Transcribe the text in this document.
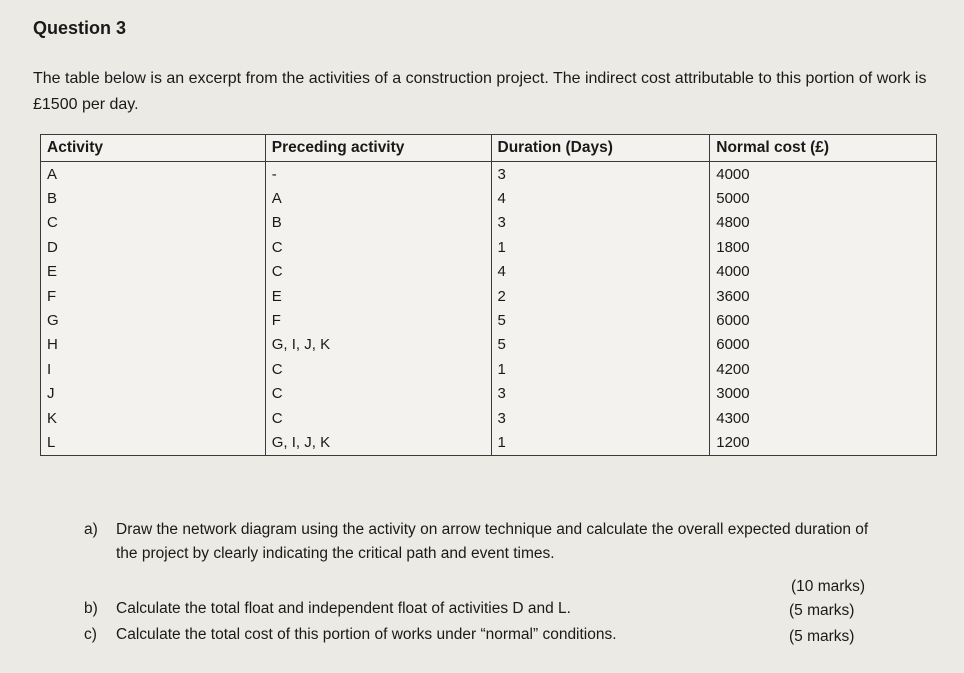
Question 3
The table below is an excerpt from the activities of a construction project. The indirect cost attributable to this portion of work is £1500 per day.
Activity	Preceding activity	Duration (Days)	Normal cost (£)
A	-	3	4000
B	A	4	5000
C	B	3	4800
D	C	1	1800
E	C	4	4000
F	E	2	3600
G	F	5	6000
H	G, I, J, K	5	6000
I	C	1	4200
J	C	3	3000
K	C	3	4300
L	G, I, J, K	1	1200
a)	Draw the network diagram using the activity on arrow technique and calculate the overall expected duration of the project by clearly indicating the critical path and event times.
(10 marks)
b)	Calculate the total float and independent float of activities D and L.	(5 marks)
c)	Calculate the total cost of this portion of works under “normal” conditions.	(5 marks)
